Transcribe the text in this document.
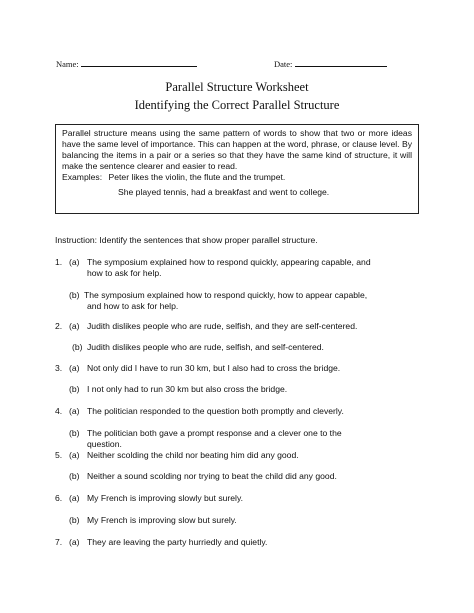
Name:	Date:
Parallel Structure Worksheet
Identifying the Correct Parallel Structure

Parallel structure means using the same pattern of words to show that two or more ideas have the same level of importance. This can happen at the word, phrase, or clause level. By balancing the items in a pair or a series so that they have the same kind of structure, it will make the sentence clearer and easier to read.

Examples: Peter likes the violin, the flute and the trumpet.

She played tennis, had a breakfast and went to college.

Instruction: Identify the sentences that show proper parallel structure.
1. (a) The symposium explained how to respond quickly, appearing capable, and
how to ask for help.
(b) The symposium explained how to respond quickly, how to appear capable,
and how to ask for help.
2. (a) Judith dislikes people who are rude, selfish, and they are self-centered.
(b) Judith dislikes people who are rude, selfish, and self-centered.
3. (a) Not only did I have to run 30 km, but I also had to cross the bridge.
(b) I not only had to run 30 km but also cross the bridge.
4. (a) The politician responded to the question both promptly and cleverly.
(b) The politician both gave a prompt response and a clever one to the
question.
5. (a) Neither scolding the child nor beating him did any good.
(b) Neither a sound scolding nor trying to beat the child did any good.
6. (a) My French is improving slowly but surely.
(b) My French is improving slow but surely.
7. (a) They are leaving the party hurriedly and quietly.
